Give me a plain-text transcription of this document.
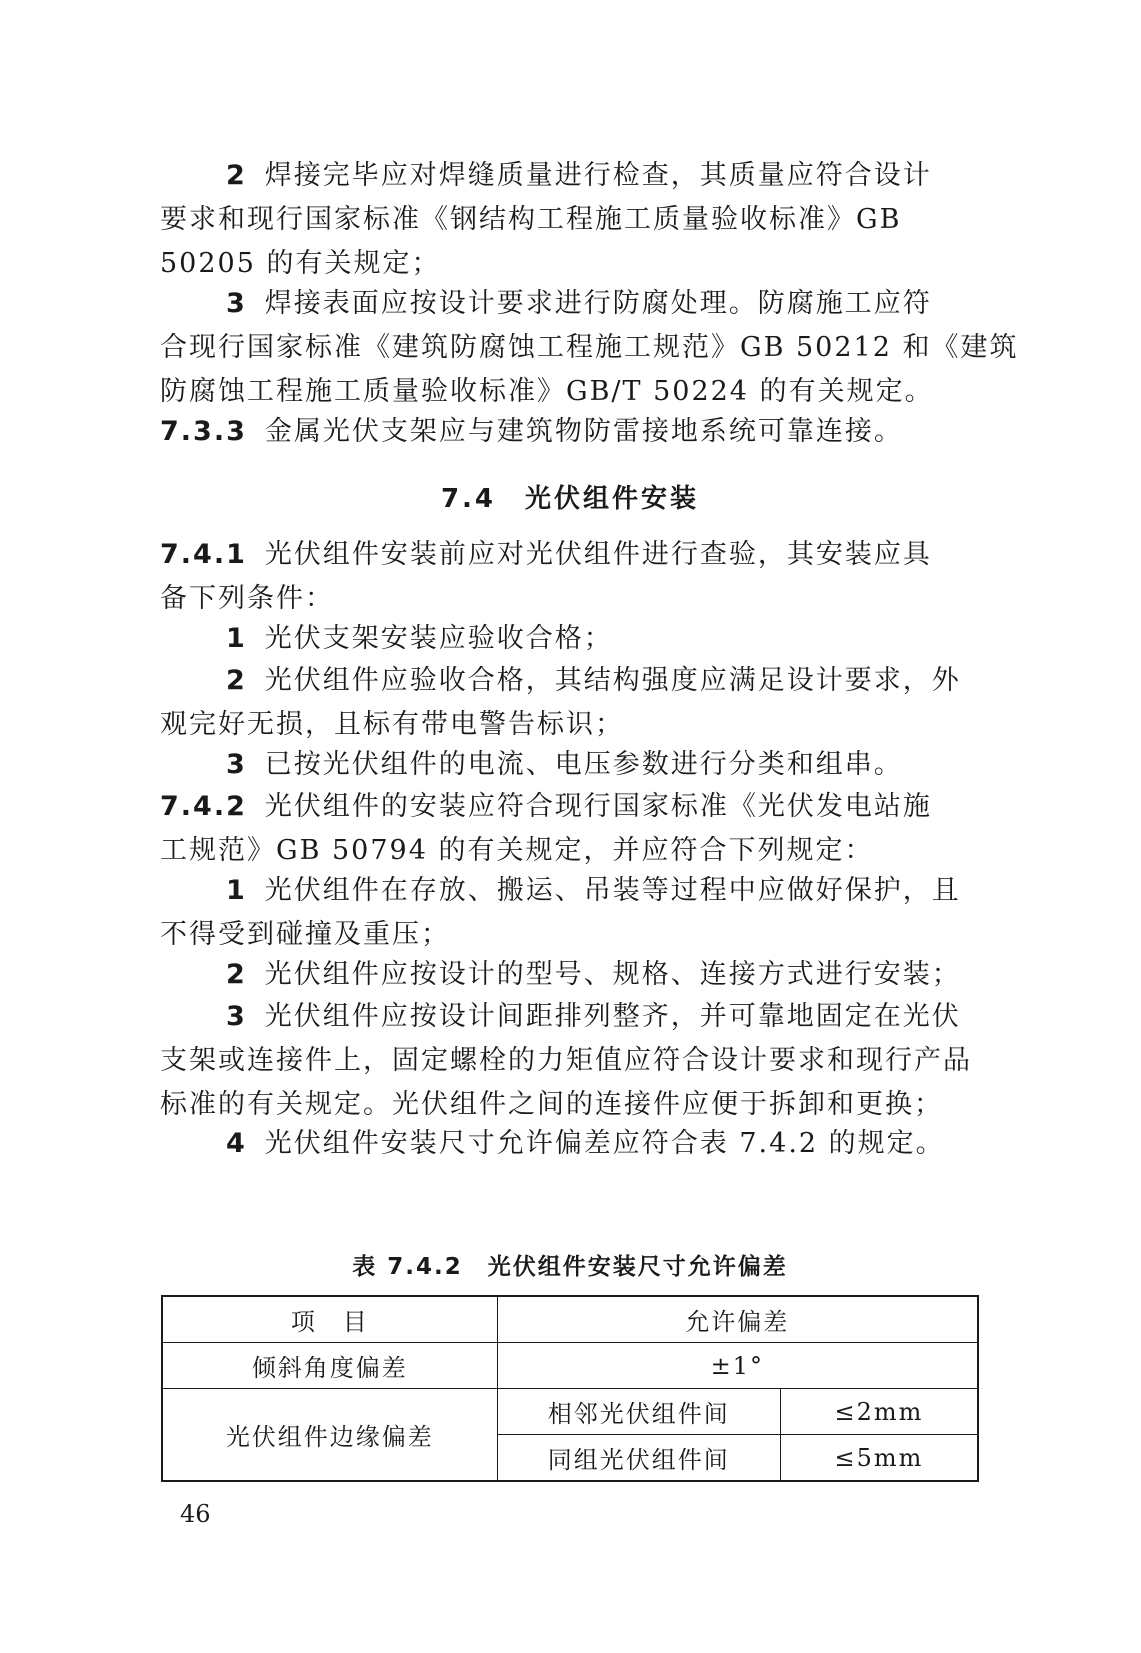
2 焊接完毕应对焊缝质量进行检查，其质量应符合设计
要求和现行国家标准《钢结构工程施工质量验收标准》GB
50205 的有关规定；
3 焊接表面应按设计要求进行防腐处理。防腐施工应符
合现行国家标准《建筑防腐蚀工程施工规范》GB 50212 和《建筑
防腐蚀工程施工质量验收标准》GB/T 50224 的有关规定。
7.3.3 金属光伏支架应与建筑物防雷接地系统可靠连接。
7.4　光伏组件安装
7.4.1 光伏组件安装前应对光伏组件进行查验，其安装应具
备下列条件：
1 光伏支架安装应验收合格；
2 光伏组件应验收合格，其结构强度应满足设计要求，外
观完好无损，且标有带电警告标识；
3 已按光伏组件的电流、电压参数进行分类和组串。
7.4.2 光伏组件的安装应符合现行国家标准《光伏发电站施
工规范》GB 50794 的有关规定，并应符合下列规定：
1 光伏组件在存放、搬运、吊装等过程中应做好保护，且
不得受到碰撞及重压；
2 光伏组件应按设计的型号、规格、连接方式进行安装；
3 光伏组件应按设计间距排列整齐，并可靠地固定在光伏
支架或连接件上，固定螺栓的力矩值应符合设计要求和现行产品
标准的有关规定。光伏组件之间的连接件应便于拆卸和更换；
4 光伏组件安装尺寸允许偏差应符合表 7.4.2 的规定。
表 7.4.2　光伏组件安装尺寸允许偏差
项　目	允许偏差	
倾斜角度偏差	±1°	
光伏组件边缘偏差	相邻光伏组件间	≤2mm
	同组光伏组件间	≤5mm
46
